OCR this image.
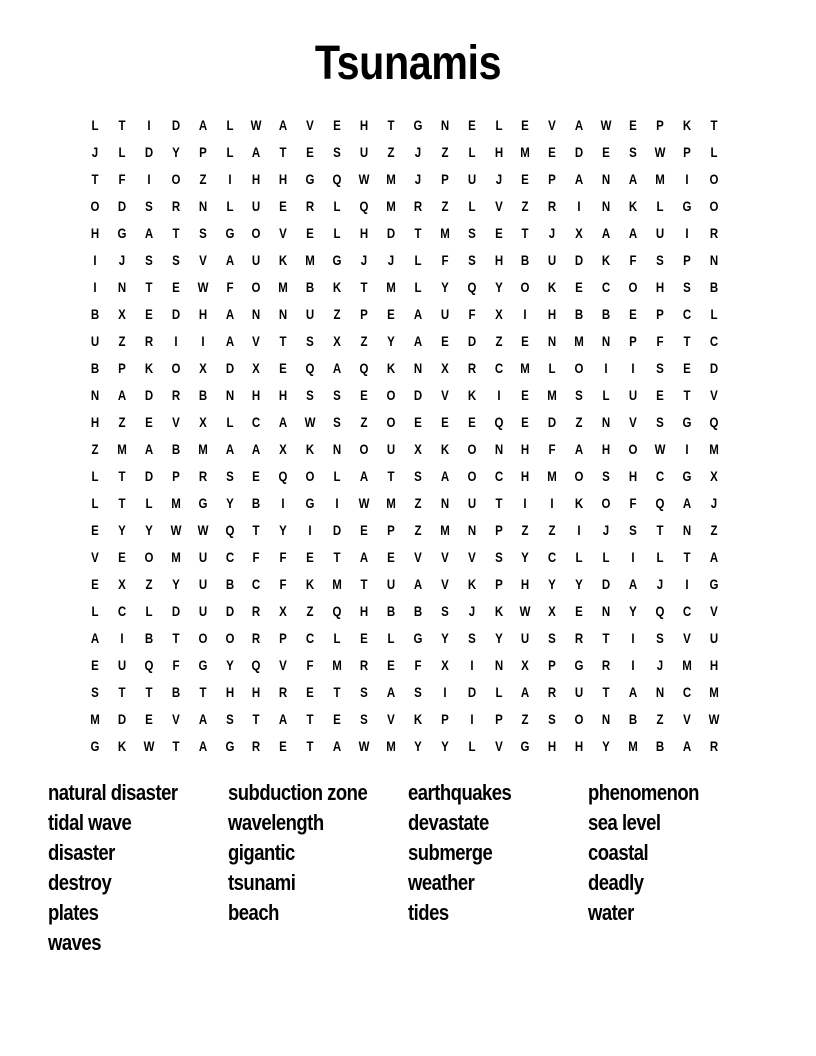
Tsunamis
L	T	I	D	A	L	W	A	V	E	H	T	G	N	E	L	E	V	A	W	E	P	K	T
J	L	D	Y	P	L	A	T	E	S	U	Z	J	Z	L	H	M	E	D	E	S	W	P	L
T	F	I	O	Z	I	H	H	G	Q	W	M	J	P	U	J	E	P	A	N	A	M	I	O
O	D	S	R	N	L	U	E	R	L	Q	M	R	Z	L	V	Z	R	I	N	K	L	G	O
H	G	A	T	S	G	O	V	E	L	H	D	T	M	S	E	T	J	X	A	A	U	I	R
I	J	S	S	V	A	U	K	M	G	J	J	L	F	S	H	B	U	D	K	F	S	P	N
I	N	T	E	W	F	O	M	B	K	T	M	L	Y	Q	Y	O	K	E	C	O	H	S	B
B	X	E	D	H	A	N	N	U	Z	P	E	A	U	F	X	I	H	B	B	E	P	C	L
U	Z	R	I	I	A	V	T	S	X	Z	Y	A	E	D	Z	E	N	M	N	P	F	T	C
B	P	K	O	X	D	X	E	Q	A	Q	K	N	X	R	C	M	L	O	I	I	S	E	D
N	A	D	R	B	N	H	H	S	S	E	O	D	V	K	I	E	M	S	L	U	E	T	V
H	Z	E	V	X	L	C	A	W	S	Z	O	E	E	E	Q	E	D	Z	N	V	S	G	Q
Z	M	A	B	M	A	A	X	K	N	O	U	X	K	O	N	H	F	A	H	O	W	I	M
L	T	D	P	R	S	E	Q	O	L	A	T	S	A	O	C	H	M	O	S	H	C	G	X
L	T	L	M	G	Y	B	I	G	I	W	M	Z	N	U	T	I	I	K	O	F	Q	A	J
E	Y	Y	W	W	Q	T	Y	I	D	E	P	Z	M	N	P	Z	Z	I	J	S	T	N	Z
V	E	O	M	U	C	F	F	E	T	A	E	V	V	V	S	Y	C	L	L	I	L	T	A
E	X	Z	Y	U	B	C	F	K	M	T	U	A	V	K	P	H	Y	Y	D	A	J	I	G
L	C	L	D	U	D	R	X	Z	Q	H	B	B	S	J	K	W	X	E	N	Y	Q	C	V
A	I	B	T	O	O	R	P	C	L	E	L	G	Y	S	Y	U	S	R	T	I	S	V	U
E	U	Q	F	G	Y	Q	V	F	M	R	E	F	X	I	N	X	P	G	R	I	J	M	H
S	T	T	B	T	H	H	R	E	T	S	A	S	I	D	L	A	R	U	T	A	N	C	M
M	D	E	V	A	S	T	A	T	E	S	V	K	P	I	P	Z	S	O	N	B	Z	V	W
G	K	W	T	A	G	R	E	T	A	W	M	Y	Y	L	V	G	H	H	Y	M	B	A	R
natural disaster
tidal wave
disaster
destroy
plates
waves
subduction zone
wavelength
gigantic
tsunami
beach
earthquakes
devastate
submerge
weather
tides
phenomenon
sea level
coastal
deadly
water
